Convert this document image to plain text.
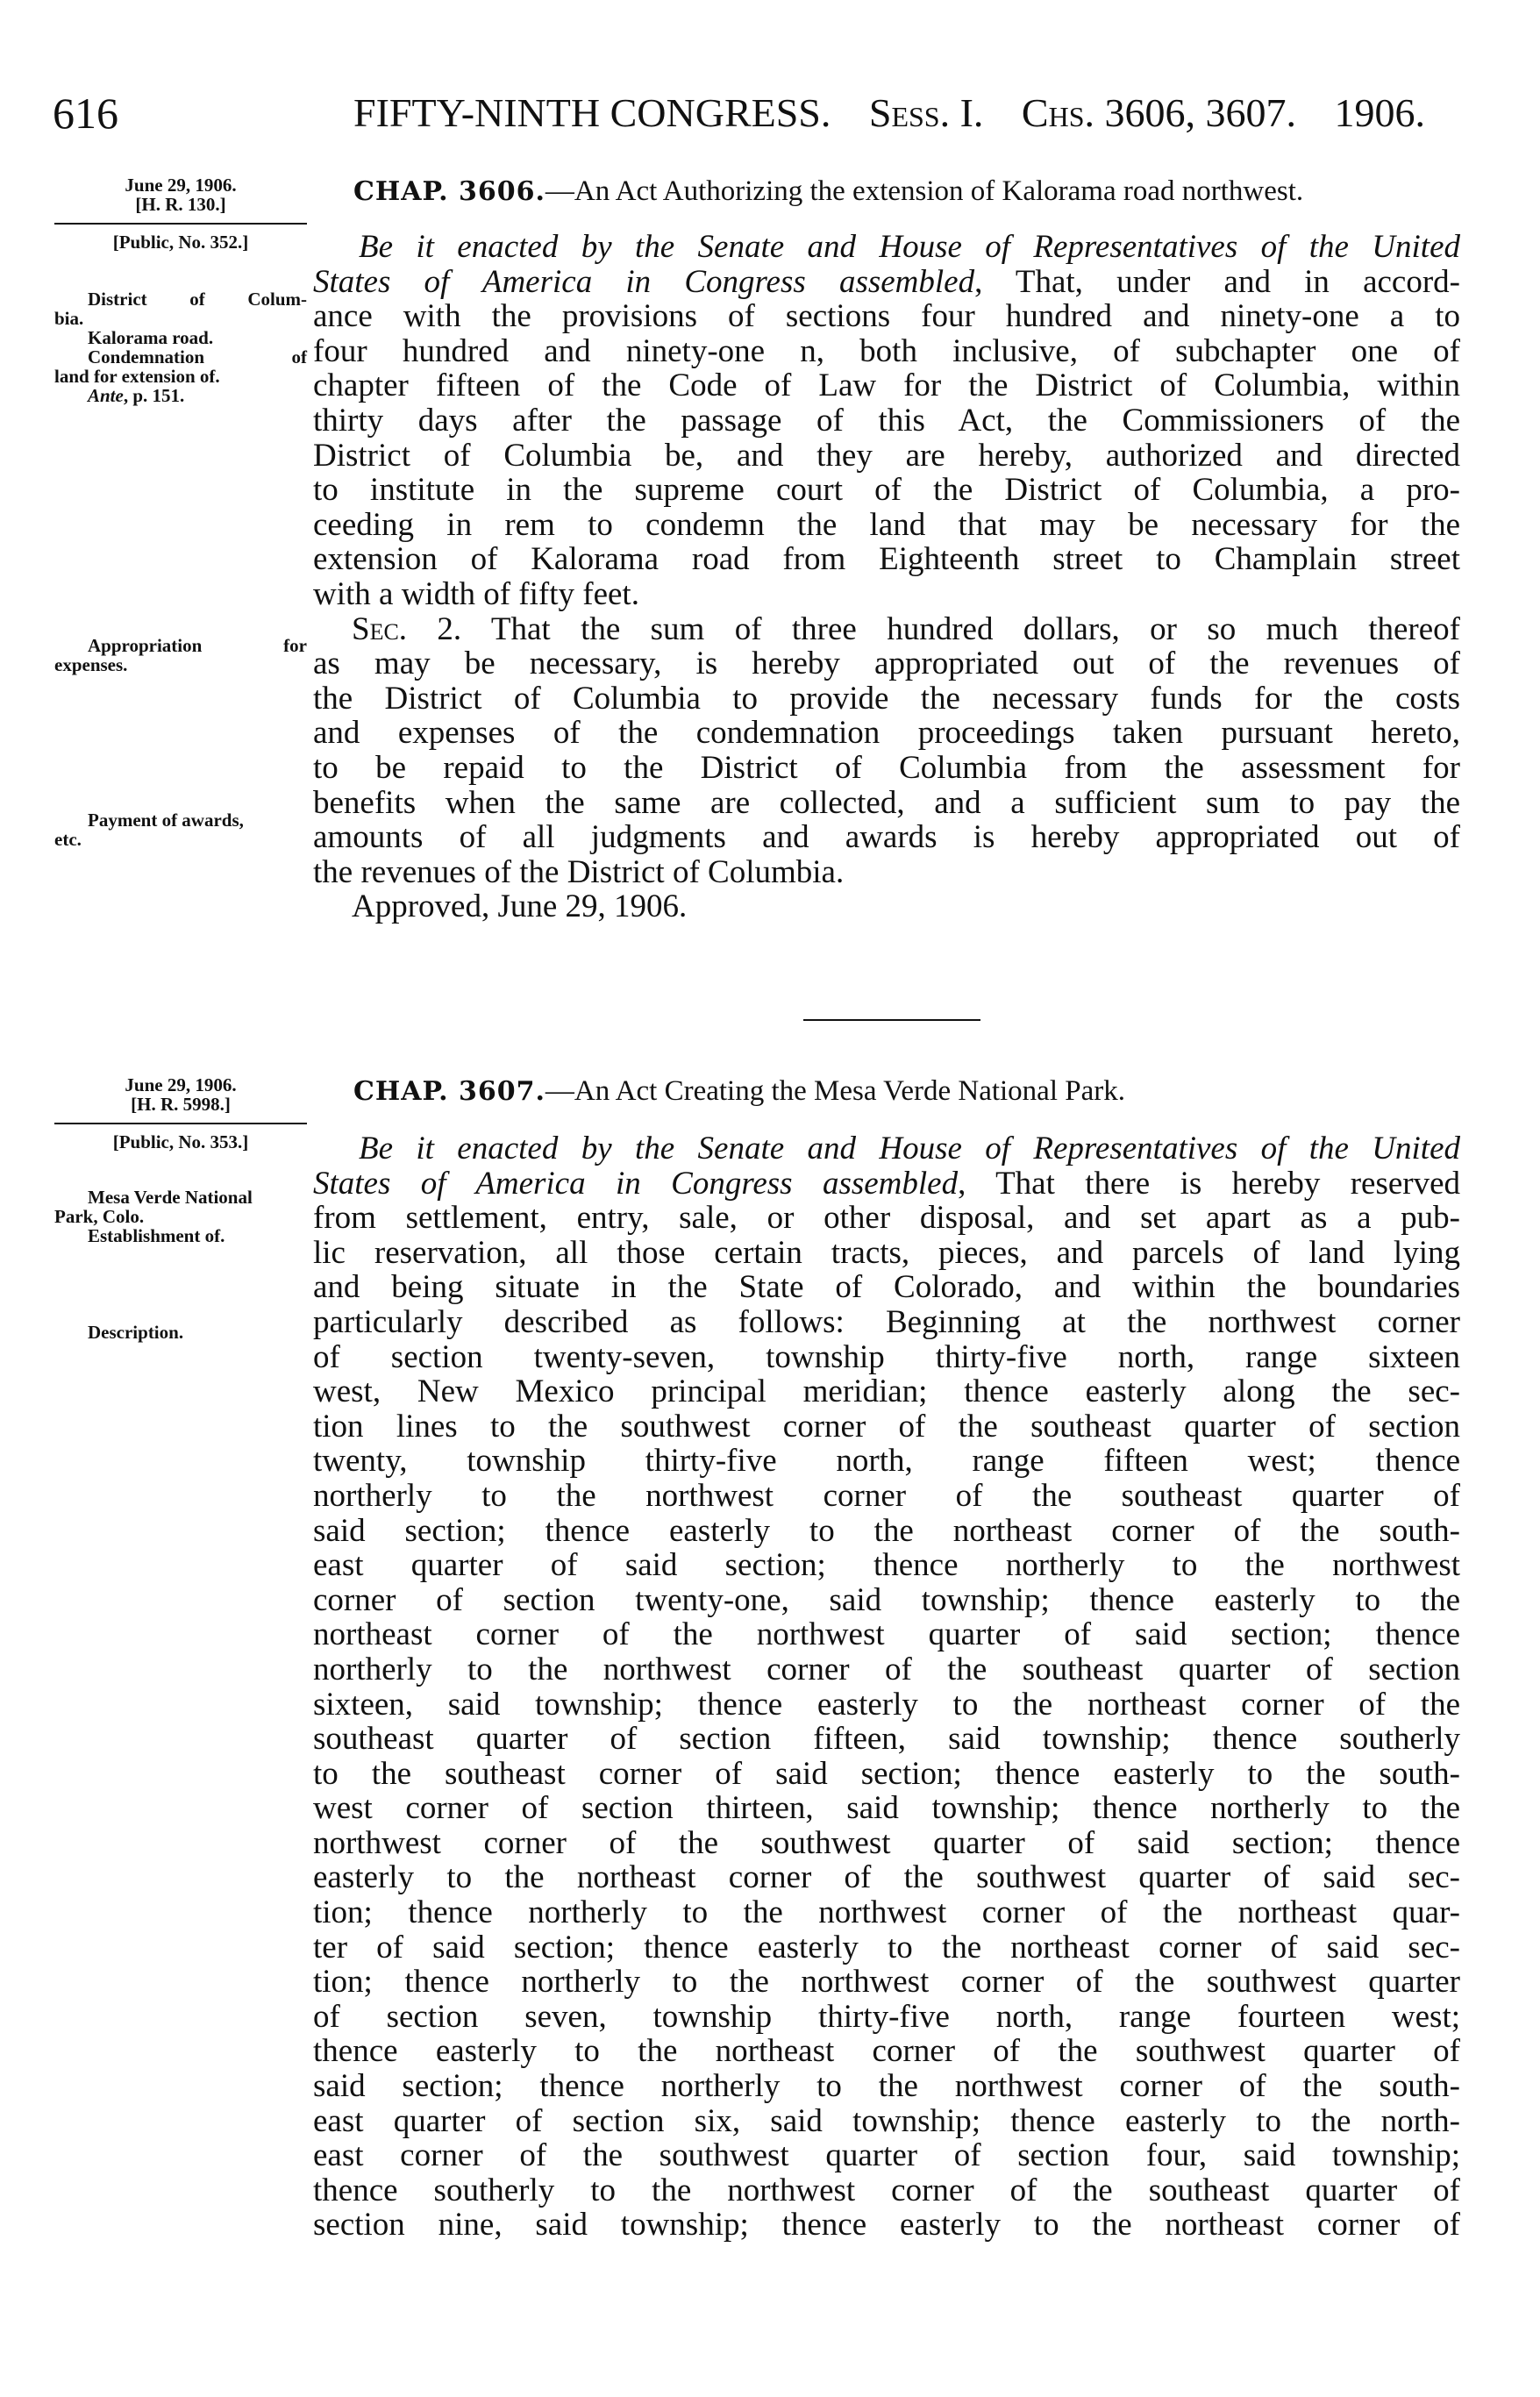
616	FIFTY-NINTH CONGRESS. Sess. I. Chs. 3606, 3607. 1906.
June 29, 1906.
[H. R. 130.]
[Public, No. 352.]
CHAP. 3606.—An Act Authorizing the extension of Kalorama road northwest.
District of Colum-
bia.
Kalorama road.
Condemnation of
land for extension of.
Ante, p. 151.
Appropriation for
expenses.
Payment of awards,
etc.
Be it enacted by the Senate and House of Representatives of the United
States of America in Congress assembled, That, under and in accord-
ance with the provisions of sections four hundred and ninety-one a to
four hundred and ninety-one n, both inclusive, of subchapter one of
chapter fifteen of the Code of Law for the District of Columbia, within
thirty days after the passage of this Act, the Commissioners of the
District of Columbia be, and they are hereby, authorized and directed
to institute in the supreme court of the District of Columbia, a pro-
ceeding in rem to condemn the land that may be necessary for the
extension of Kalorama road from Eighteenth street to Champlain street
with a width of fifty feet.
Sec. 2. That the sum of three hundred dollars, or so much thereof
as may be necessary, is hereby appropriated out of the revenues of
the District of Columbia to provide the necessary funds for the costs
and expenses of the condemnation proceedings taken pursuant hereto,
to be repaid to the District of Columbia from the assessment for
benefits when the same are collected, and a sufficient sum to pay the
amounts of all judgments and awards is hereby appropriated out of
the revenues of the District of Columbia.
Approved, June 29, 1906.
June 29, 1906.
[H. R. 5998.]
[Public, No. 353.]
CHAP. 3607.—An Act Creating the Mesa Verde National Park.
Mesa Verde National
Park, Colo.
Establishment of.
Description.
Be it enacted by the Senate and House of Representatives of the United
States of America in Congress assembled, That there is hereby reserved
from settlement, entry, sale, or other disposal, and set apart as a pub-
lic reservation, all those certain tracts, pieces, and parcels of land lying
and being situate in the State of Colorado, and within the boundaries
particularly described as follows: Beginning at the northwest corner
of section twenty-seven, township thirty-five north, range sixteen
west, New Mexico principal meridian; thence easterly along the sec-
tion lines to the southwest corner of the southeast quarter of section
twenty, township thirty-five north, range fifteen west; thence
northerly to the northwest corner of the southeast quarter of
said section; thence easterly to the northeast corner of the south-
east quarter of said section; thence northerly to the northwest
corner of section twenty-one, said township; thence easterly to the
northeast corner of the northwest quarter of said section; thence
northerly to the northwest corner of the southeast quarter of section
sixteen, said township; thence easterly to the northeast corner of the
southeast quarter of section fifteen, said township; thence southerly
to the southeast corner of said section; thence easterly to the south-
west corner of section thirteen, said township; thence northerly to the
northwest corner of the southwest quarter of said section; thence
easterly to the northeast corner of the southwest quarter of said sec-
tion; thence northerly to the northwest corner of the northeast quar-
ter of said section; thence easterly to the northeast corner of said sec-
tion; thence northerly to the northwest corner of the southwest quarter
of section seven, township thirty-five north, range fourteen west;
thence easterly to the northeast corner of the southwest quarter of
said section; thence northerly to the northwest corner of the south-
east quarter of section six, said township; thence easterly to the north-
east corner of the southwest quarter of section four, said township;
thence southerly to the northwest corner of the southeast quarter of
section nine, said township; thence easterly to the northeast corner of
